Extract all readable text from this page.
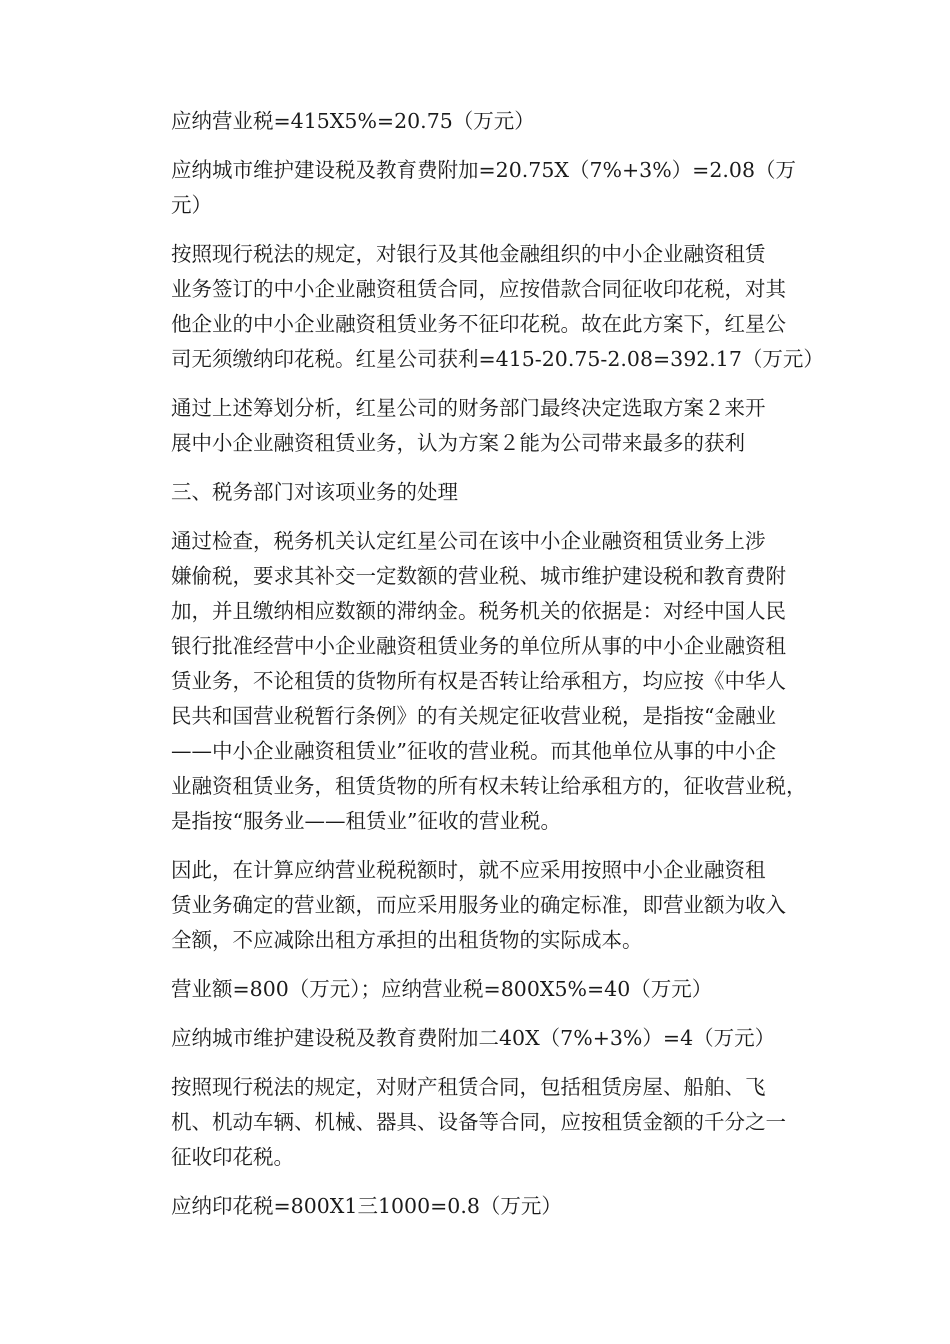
应纳营业税=415X5%=20.75（万元）

应纳城市维护建设税及教育费附加=20.75X（7%+3%）=2.08（万
元）

按照现行税法的规定，对银行及其他金融组织的中小企业融资租赁
业务签订的中小企业融资租赁合同，应按借款合同征收印花税，对其
他企业的中小企业融资租赁业务不征印花税。故在此方案下，红星公
司无须缴纳印花税。红星公司获利=415-20.75-2.08=392.17（万元）

通过上述筹划分析，红星公司的财务部门最终决定选取方案２来开
展中小企业融资租赁业务，认为方案２能为公司带来最多的获利

三、税务部门对该项业务的处理

通过检查，税务机关认定红星公司在该中小企业融资租赁业务上涉
嫌偷税，要求其补交一定数额的营业税、城市维护建设税和教育费附
加，并且缴纳相应数额的滞纳金。税务机关的依据是：对经中国人民
银行批准经营中小企业融资租赁业务的单位所从事的中小企业融资租
赁业务，不论租赁的货物所有权是否转让给承租方，均应按《中华人
民共和国营业税暂行条例》的有关规定征收营业税，是指按“金融业
——中小企业融资租赁业”征收的营业税。而其他单位从事的中小企
业融资租赁业务，租赁货物的所有权未转让给承租方的，征收营业税，
是指按“服务业——租赁业”征收的营业税。

因此，在计算应纳营业税税额时，就不应采用按照中小企业融资租
赁业务确定的营业额，而应采用服务业的确定标准，即营业额为收入
全额，不应减除出租方承担的出租货物的实际成本。

营业额=800（万元）；应纳营业税=800X5%=40（万元）

应纳城市维护建设税及教育费附加二40X（7%+3%）=4（万元）

按照现行税法的规定，对财产租赁合同，包括租赁房屋、船舶、飞
机、机动车辆、机械、器具、设备等合同，应按租赁金额的千分之一
征收印花税。

应纳印花税=800X1三1000=0.8（万元）
